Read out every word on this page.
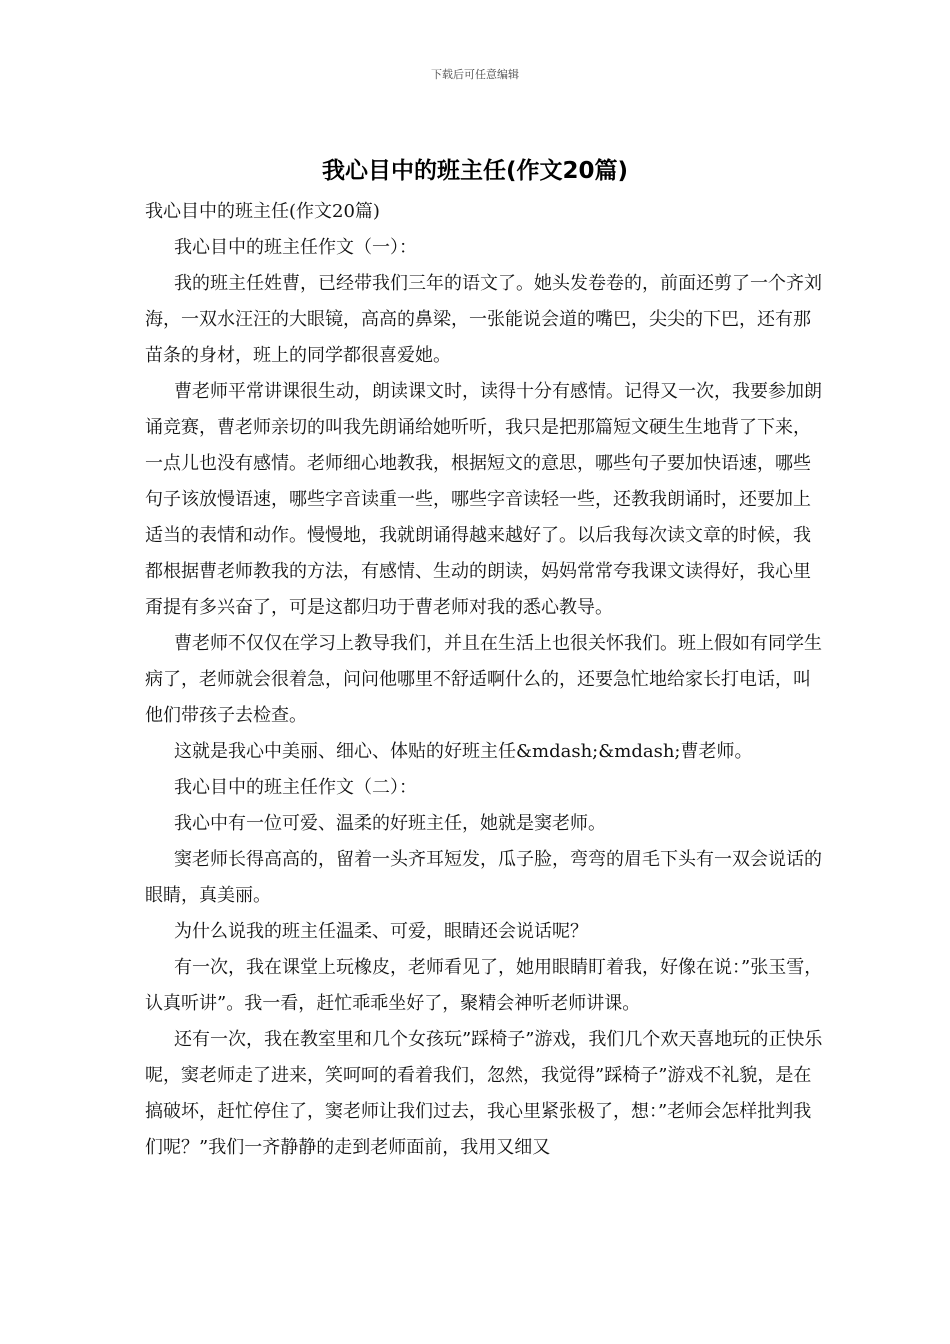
下载后可任意编辑
我心目中的班主任(作文20篇)

我心目中的班主任(作文20篇)

我心目中的班主任作文（一）：

我的班主任姓曹，已经带我们三年的语文了。她头发卷卷的，前面还剪了一个齐刘海，一双水汪汪的大眼镜，高高的鼻梁，一张能说会道的嘴巴，尖尖的下巴，还有那苗条的身材，班上的同学都很喜爱她。

曹老师平常讲课很生动，朗读课文时，读得十分有感情。记得又一次，我要参加朗诵竞赛，曹老师亲切的叫我先朗诵给她听听，我只是把那篇短文硬生生地背了下来，一点儿也没有感情。老师细心地教我，根据短文的意思，哪些句子要加快语速，哪些句子该放慢语速，哪些字音读重一些，哪些字音读轻一些，还教我朗诵时，还要加上适当的表情和动作。慢慢地，我就朗诵得越来越好了。以后我每次读文章的时候，我都根据曹老师教我的方法，有感情、生动的朗读，妈妈常常夸我课文读得好，我心里甭提有多兴奋了，可是这都归功于曹老师对我的悉心教导。

曹老师不仅仅在学习上教导我们，并且在生活上也很关怀我们。班上假如有同学生病了，老师就会很着急，问问他哪里不舒适啊什么的，还要急忙地给家长打电话，叫他们带孩子去检查。

这就是我心中美丽、细心、体贴的好班主任&mdash;&mdash;曹老师。

我心目中的班主任作文（二）：

我心中有一位可爱、温柔的好班主任，她就是窦老师。

窦老师长得高高的，留着一头齐耳短发，瓜子脸，弯弯的眉毛下头有一双会说话的眼睛，真美丽。

为什么说我的班主任温柔、可爱，眼睛还会说话呢？

有一次，我在课堂上玩橡皮，老师看见了，她用眼睛盯着我，好像在说：”张玉雪，认真听讲”。我一看，赶忙乖乖坐好了，聚精会神听老师讲课。

还有一次，我在教室里和几个女孩玩”踩椅子”游戏，我们几个欢天喜地玩的正快乐呢，窦老师走了进来，笑呵呵的看着我们，忽然，我觉得”踩椅子”游戏不礼貌，是在搞破坏，赶忙停住了，窦老师让我们过去，我心里紧张极了，想：”老师会怎样批判我们呢？”我们一齐静静的走到老师面前，我用又细又
